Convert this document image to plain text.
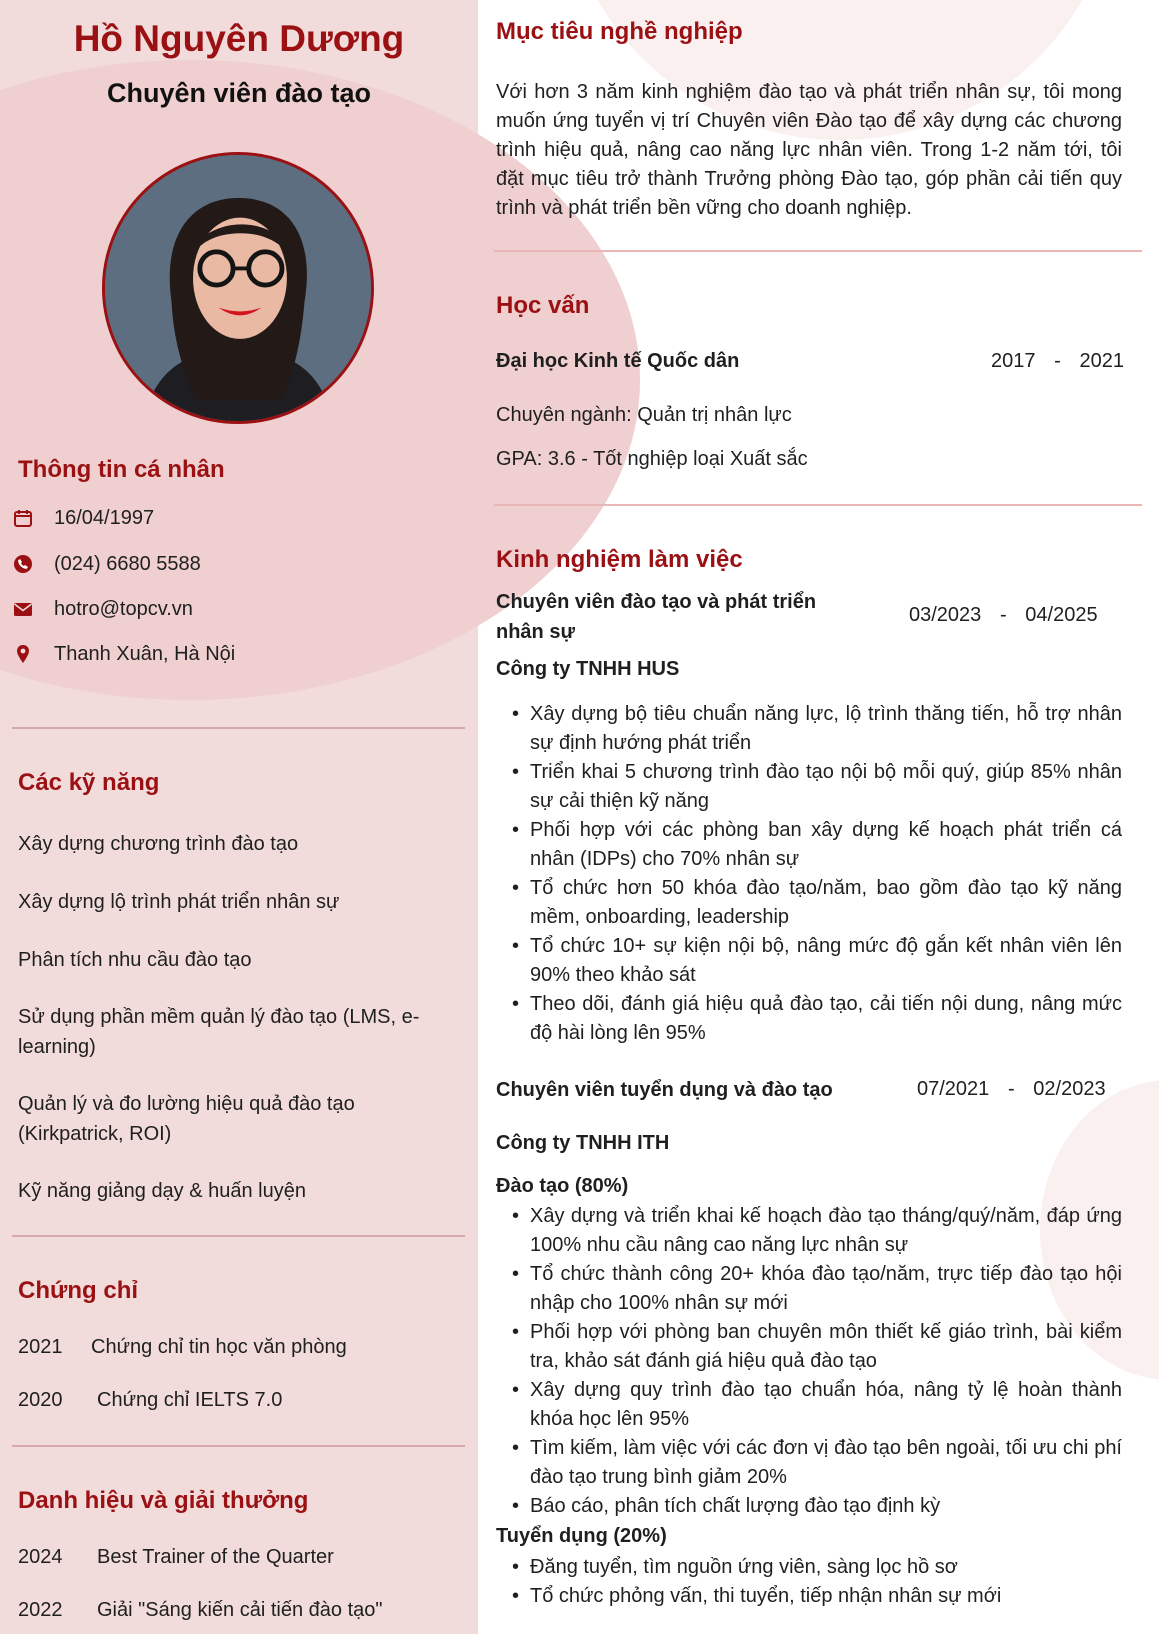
Hồ Nguyên Dương
Chuyên viên đào tạo
Thông tin cá nhân
16/04/1997
(024) 6680 5588
hotro@topcv.vn
Thanh Xuân, Hà Nội
Các kỹ năng
Xây dựng chương trình đào tạo
Xây dựng lộ trình phát triển nhân sự
Phân tích nhu cầu đào tạo
Sử dụng phần mềm quản lý đào tạo (LMS, e-learning)
Quản lý và đo lường hiệu quả đào tạo (Kirkpatrick, ROI)
Kỹ năng giảng dạy & huấn luyện
Chứng chỉ
2021	Chứng chỉ tin học văn phòng
2020	Chứng chỉ IELTS 7.0
Danh hiệu và giải thưởng
2024	Best Trainer of the Quarter
2022	Giải "Sáng kiến cải tiến đào tạo"
Mục tiêu nghề nghiệp
Với hơn 3 năm kinh nghiệm đào tạo và phát triển nhân sự, tôi mong muốn ứng tuyển vị trí Chuyên viên Đào tạo để xây dựng các chương trình hiệu quả, nâng cao năng lực nhân viên. Trong 1-2 năm tới, tôi đặt mục tiêu trở thành Trưởng phòng Đào tạo, góp phần cải tiến quy trình và phát triển bền vững cho doanh nghiệp.
Học vấn
Đại học Kinh tế Quốc dân	2017 - 2021
Chuyên ngành: Quản trị nhân lực
GPA: 3.6 - Tốt nghiệp loại Xuất sắc
Kinh nghiệm làm việc
Chuyên viên đào tạo và phát triển nhân sự
03/2023 - 04/2025
Công ty TNHH HUS
• Xây dựng bộ tiêu chuẩn năng lực, lộ trình thăng tiến, hỗ trợ nhân sự định hướng phát triển
• Triển khai 5 chương trình đào tạo nội bộ mỗi quý, giúp 85% nhân sự cải thiện kỹ năng
• Phối hợp với các phòng ban xây dựng kế hoạch phát triển cá nhân (IDPs) cho 70% nhân sự
• Tổ chức hơn 50 khóa đào tạo/năm, bao gồm đào tạo kỹ năng mềm, onboarding, leadership
• Tổ chức 10+ sự kiện nội bộ, nâng mức độ gắn kết nhân viên lên 90% theo khảo sát
• Theo dõi, đánh giá hiệu quả đào tạo, cải tiến nội dung, nâng mức độ hài lòng lên 95%
Chuyên viên tuyển dụng và đào tạo	07/2021 - 02/2023
Công ty TNHH ITH
Đào tạo (80%)
• Xây dựng và triển khai kế hoạch đào tạo tháng/quý/năm, đáp ứng 100% nhu cầu nâng cao năng lực nhân sự
• Tổ chức thành công 20+ khóa đào tạo/năm, trực tiếp đào tạo hội nhập cho 100% nhân sự mới
• Phối hợp với phòng ban chuyên môn thiết kế giáo trình, bài kiểm tra, khảo sát đánh giá hiệu quả đào tạo
• Xây dựng quy trình đào tạo chuẩn hóa, nâng tỷ lệ hoàn thành khóa học lên 95%
• Tìm kiếm, làm việc với các đơn vị đào tạo bên ngoài, tối ưu chi phí đào tạo trung bình giảm 20%
• Báo cáo, phân tích chất lượng đào tạo định kỳ
Tuyển dụng (20%)
• Đăng tuyển, tìm nguồn ứng viên, sàng lọc hồ sơ
• Tổ chức phỏng vấn, thi tuyển, tiếp nhận nhân sự mới
